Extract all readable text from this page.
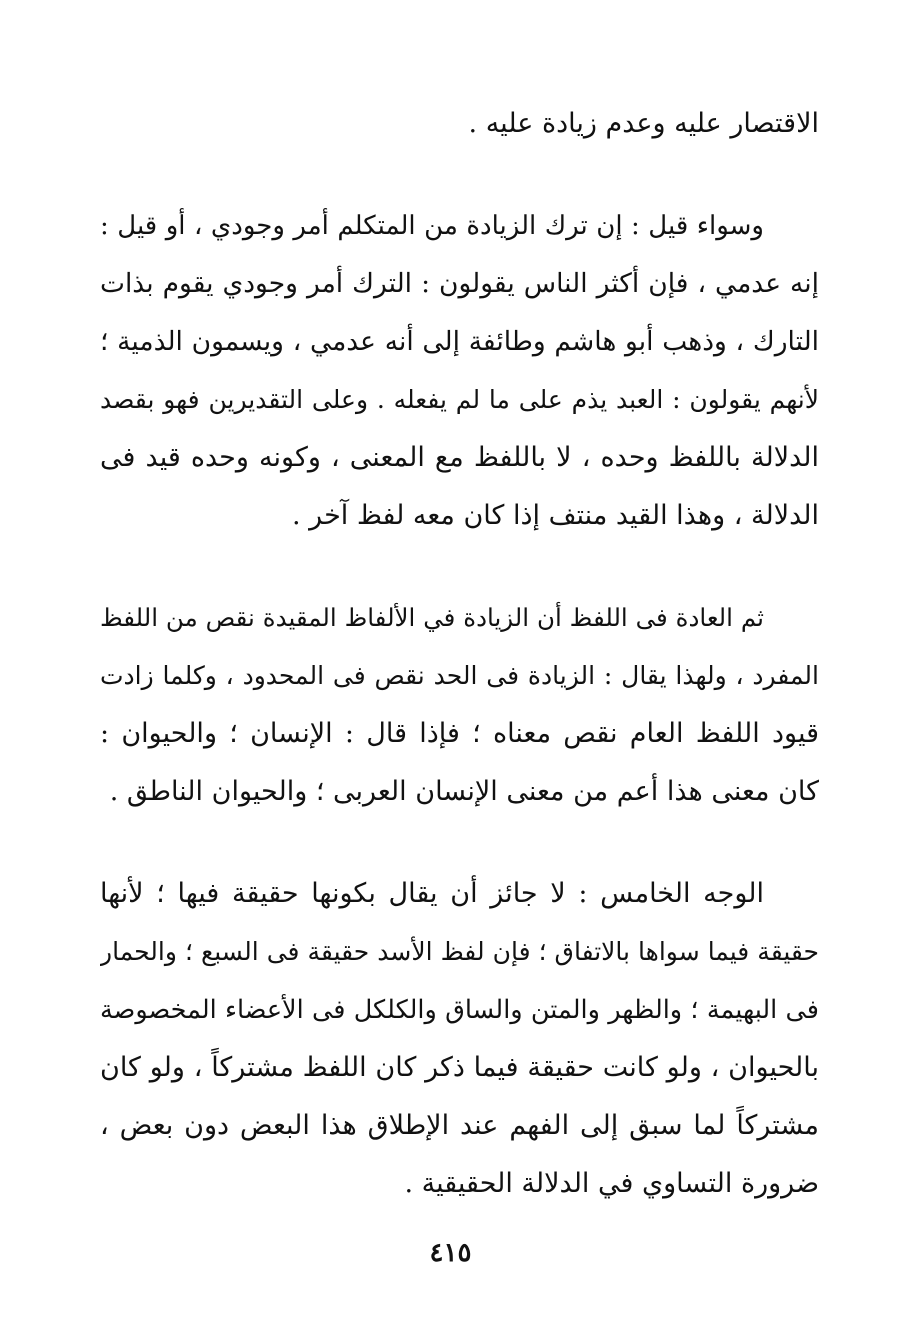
الاقتصار عليه وعدم زيادة عليه .
وسواء قيل : إن ترك الزيادة من المتكلم أمر وجودي ، أو قيل :
إنه عدمي ، فإن أكثر الناس يقولون : الترك أمر وجودي يقوم بذات
التارك ، وذهب أبو هاشم وطائفة إلى أنه عدمي ، ويسمون الذمية ؛
لأنهم يقولون : العبد يذم على ما لم يفعله . وعلى التقديرين فهو بقصد
الدلالة باللفظ وحده ، لا باللفظ مع المعنى ، وكونه وحده قيد فى
الدلالة ، وهذا القيد منتف إذا كان معه لفظ آخر .
ثم العادة فى اللفظ أن الزيادة في الألفاظ المقيدة نقص من اللفظ
المفرد ، ولهذا يقال : الزيادة فى الحد نقص فى المحدود ، وكلما زادت
قيود اللفظ العام نقص معناه ؛ فإذا قال : الإنسان ؛ والحيوان :
كان معنى هذا أعم من معنى الإنسان العربى ؛ والحيوان الناطق .
الوجه الخامس : لا جائز أن يقال بكونها حقيقة فيها ؛ لأنها
حقيقة فيما سواها بالاتفاق ؛ فإن لفظ الأسد حقيقة فى السبع ؛ والحمار
فى البهيمة ؛ والظهر والمتن والساق والكلكل فى الأعضاء المخصوصة
بالحيوان ، ولو كانت حقيقة فيما ذكر كان اللفظ مشتركاً ، ولو كان
مشتركاً لما سبق إلى الفهم عند الإطلاق هذا البعض دون بعض ،
ضرورة التساوي في الدلالة الحقيقية .
٤١٥
